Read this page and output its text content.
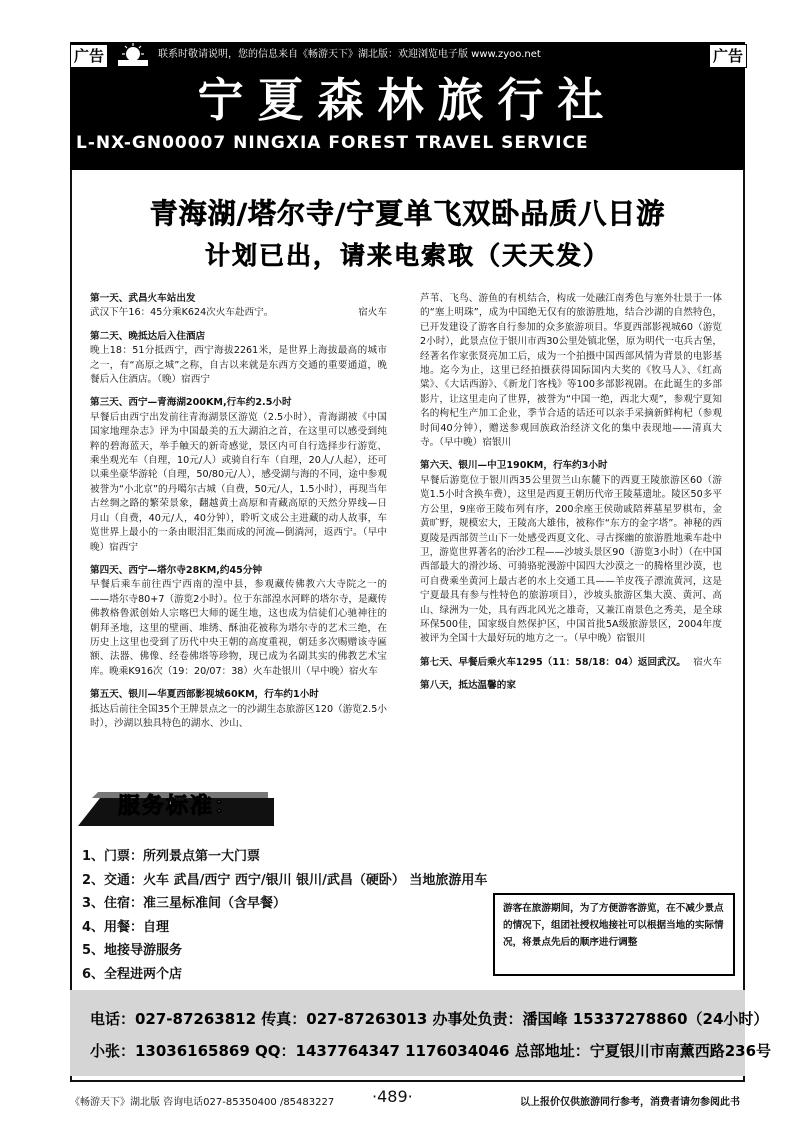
广告	广告
联系时敬请说明，您的信息来自《畅游天下》湖北版：欢迎浏览电子版 www.zyoo.net
宁夏森林旅行社
L-NX-GN00007 NINGXIA FOREST TRAVEL SERVICE
青海湖/塔尔寺/宁夏单飞双卧品质八日游
计划已出，请来电索取（天天发）

第一天、武昌火车站出发
武汉下午16：45分乘K624次火车赴西宁。	宿火车

第二天、晚抵达后入住酒店
晚上18：51分抵西宁，西宁海拔2261米，是世界上海拔最高的城市之一，有“高原之城”之称，自古以来就是东西方交通的重要通道，晚餐后入住酒店。（晚）宿西宁

第三天、西宁—青海湖200KM,行车约2.5小时
早餐后由西宁出发前往青海湖景区游览（2.5小时），青海湖被《中国国家地理杂志》评为中国最美的五大湖泊之首，在这里可以感受到纯粹的碧海蓝天，举手触天的新奇感觉，景区内可自行选择步行游览、乘坐观光车（自理，10元/人）或骑自行车（自理，20人/人起），还可以乘坐豪华游轮（自理，50/80元/人），感受湖与海的不同，途中参观被誉为“小北京”的丹噶尔古城（自费，50元/人，1.5小时），再现当年古丝绸之路的繁荣景象，翻越黄土高原和青藏高原的天然分界线—日月山（自费，40元/人，40分钟），聆听文成公主进藏的动人故事，车览世界上最小的一条由眼泪汇集而成的河流—倒淌河，返西宁。（早中晚）宿西宁

第四天、西宁—塔尔寺28KM,约45分钟
早餐后乘车前往西宁西南的湟中县，参观藏传佛教六大寺院之一的——塔尔寺80+7（游览2小时）。位于东部湟水河畔的塔尔寺，是藏传佛教格鲁派创始人宗喀巴大师的诞生地，这也成为信徒们心驰神往的朝拜圣地，这里的壁画、堆绣、酥油花被称为塔尔寺的艺术三绝，在历史上这里也受到了历代中央王朝的高度重视，朝廷多次赐赠该寺匾额、法器、佛像、经卷佛塔等珍物，现已成为名副其实的佛教艺术宝库。晚乘K916次（19：20/07：38）火车赴银川（早中晚）宿火车

第五天、银川—华夏西部影视城60KM，行车约1小时
抵达后前往全国35个王牌景点之一的沙湖生态旅游区120（游览2.5小时），沙湖以独具特色的湖水、沙山、

芦苇、飞鸟、游鱼的有机结合，构成一处融江南秀色与塞外壮景于一体的“塞上明珠”，成为中国绝无仅有的旅游胜地，结合沙湖的自然特色，已开发建设了游客自行参加的众多旅游项目。华夏西部影视城60（游览2小时），此景点位于银川市西30公里处镇北堡，原为明代一屯兵古堡，经著名作家张贤亮加工后，成为一个拍摄中国西部风情为背景的电影基地。迄今为止，这里已经拍摄获得国际国内大奖的《牧马人》、《红高粱》、《大话西游》、《新龙门客栈》等100多部影视剧。在此诞生的多部影片，让这里走向了世界，被誉为“中国一绝，西北大观”，参观宁夏知名的枸杞生产加工企业，季节合适的话还可以亲手采摘新鲜枸杞（参观时间40分钟），赠送参观回族政治经济文化的集中表现地——清真大寺。（早中晚）宿银川

第六天、银川—中卫190KM，行车约3小时
早餐后游览位于银川西35公里贺兰山东麓下的西夏王陵旅游区60（游览1.5小时含换车费），这里是西夏王朝历代帝王陵墓遗址。陵区50多平方公里，9座帝王陵布列有序，200余座王侯勋戚陪葬墓星罗棋布，金黄旷野，规模宏大，王陵高大雄伟，被称作“东方的金字塔”。神秘的西夏陵是西部贺兰山下一处感受西夏文化、寻古探幽的旅游胜地乘车赴中卫，游览世界著名的治沙工程——沙坡头景区90（游览3小时）（在中国西部最大的滑沙场、可骑骆驼漫游中国四大沙漠之一的腾格里沙漠，也可自费乘坐黄河上最古老的水上交通工具——羊皮筏子漂流黄河，这是宁夏最具有参与性特色的旅游项目），沙坡头旅游区集大漠、黄河、高山、绿洲为一处，具有西北风光之雄奇，又兼江南景色之秀美，是全球环保500佳，国家级自然保护区，中国首批5A级旅游景区，2004年度被评为全国十大最好玩的地方之一。（早中晚）宿银川

第七天、早餐后乘火车1295（11：58/18：04）返回武汉。 宿火车

第八天，抵达温馨的家

服务标准：
1、门票：所列景点第一大门票
2、交通：火车 武昌/西宁 西宁/银川 银川/武昌（硬卧） 当地旅游用车
3、住宿：准三星标准间（含早餐）
4、用餐：自理
5、地接导游服务
6、全程进两个店
游客在旅游期间，为了方便游客游览，在不减少景点的情况下，组团社授权地接社可以根据当地的实际情况，将景点先后的顺序进行调整
电话：027-87263812 传真：027-87263013 办事处负责：潘国峰 15337278860（24小时）
小张：13036165869 QQ：1437764347 1176034046 总部地址：宁夏银川市南薰西路236号
《畅游天下》湖北版 咨询电话027-85350400 /85483227 ·489·	以上报价仅供旅游同行参考，消费者请勿参阅此书
